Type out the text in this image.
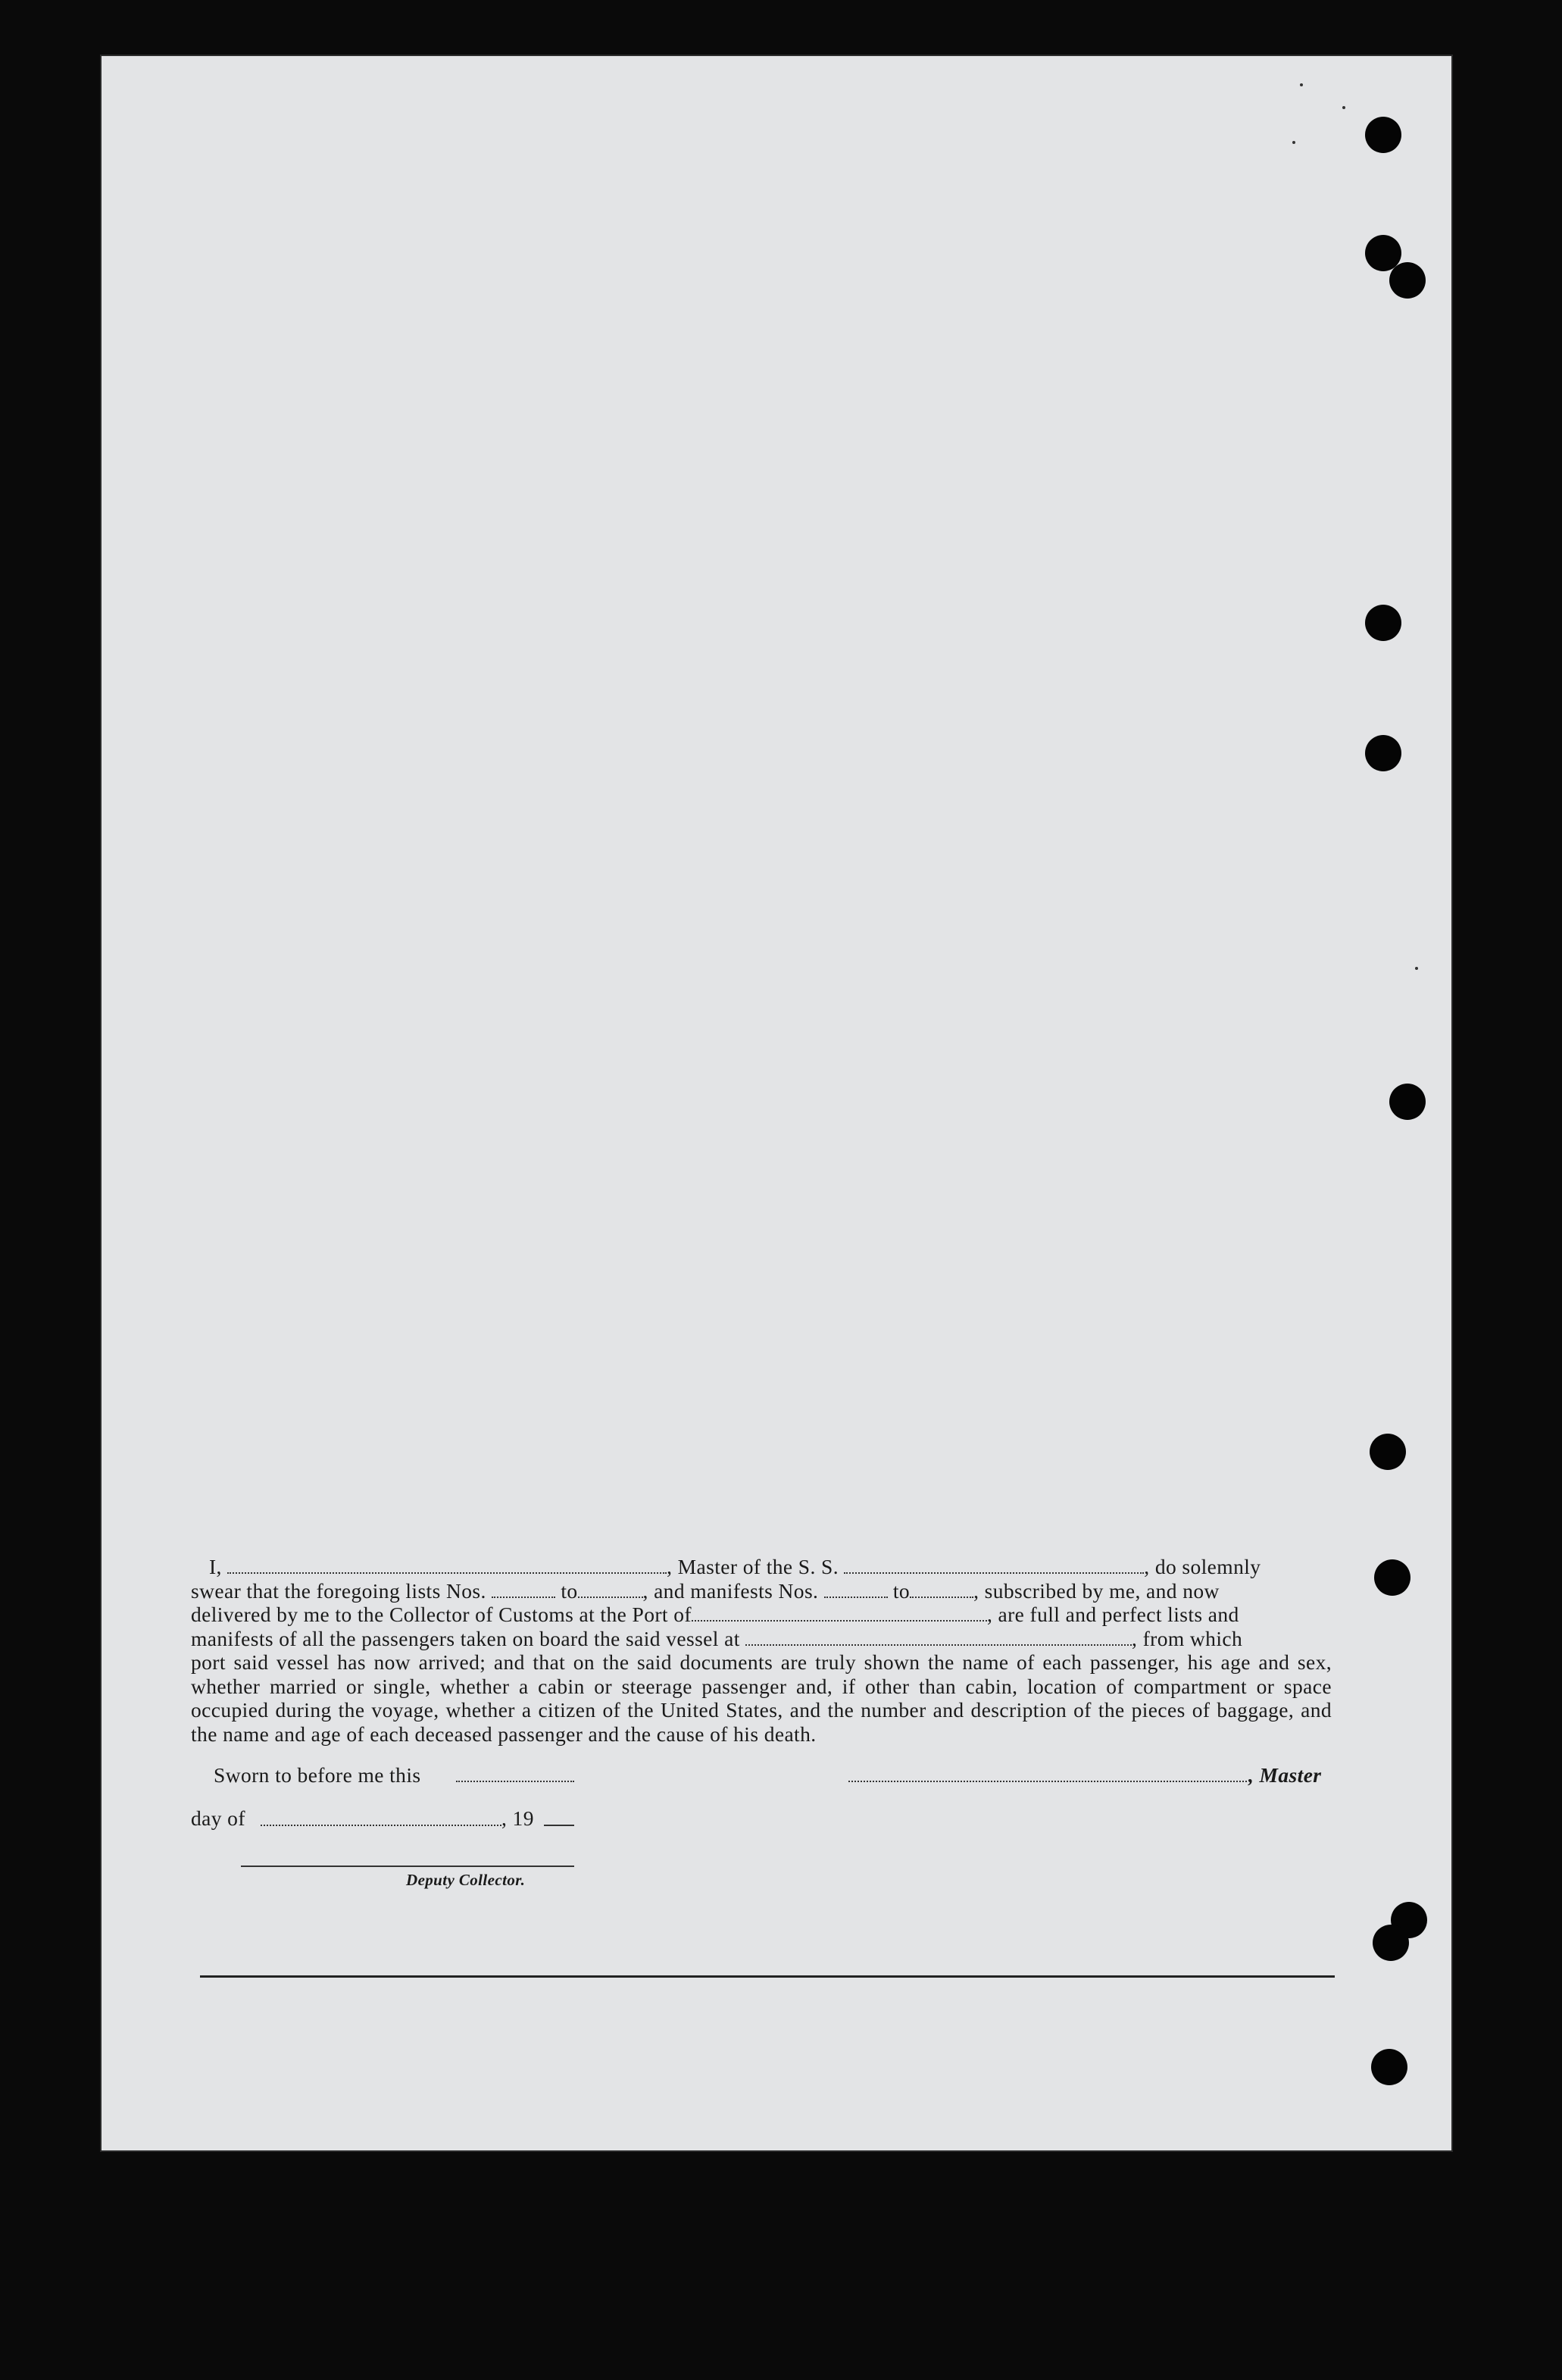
I,	, Master of the S. S.	, do solemnly

swear that the foregoing lists Nos.	to	, and manifests Nos.	to	, subscribed by me, and now

delivered by me to the Collector of Customs at the Port of	, are full and perfect lists and

manifests of all the passengers taken on board the said vessel at	, from which

port said vessel has now arrived; and that on the said documents are truly shown the name of each passenger, his age and sex, whether married or single, whether a cabin or steerage passenger and, if other than cabin, location of compartment or space occupied during the voyage, whether a citizen of the United States, and the number and description of the pieces of baggage, and the name and age of each deceased passenger and the cause of his death.

Sworn to before me this	, Master
day of	, 19
Deputy Collector.
